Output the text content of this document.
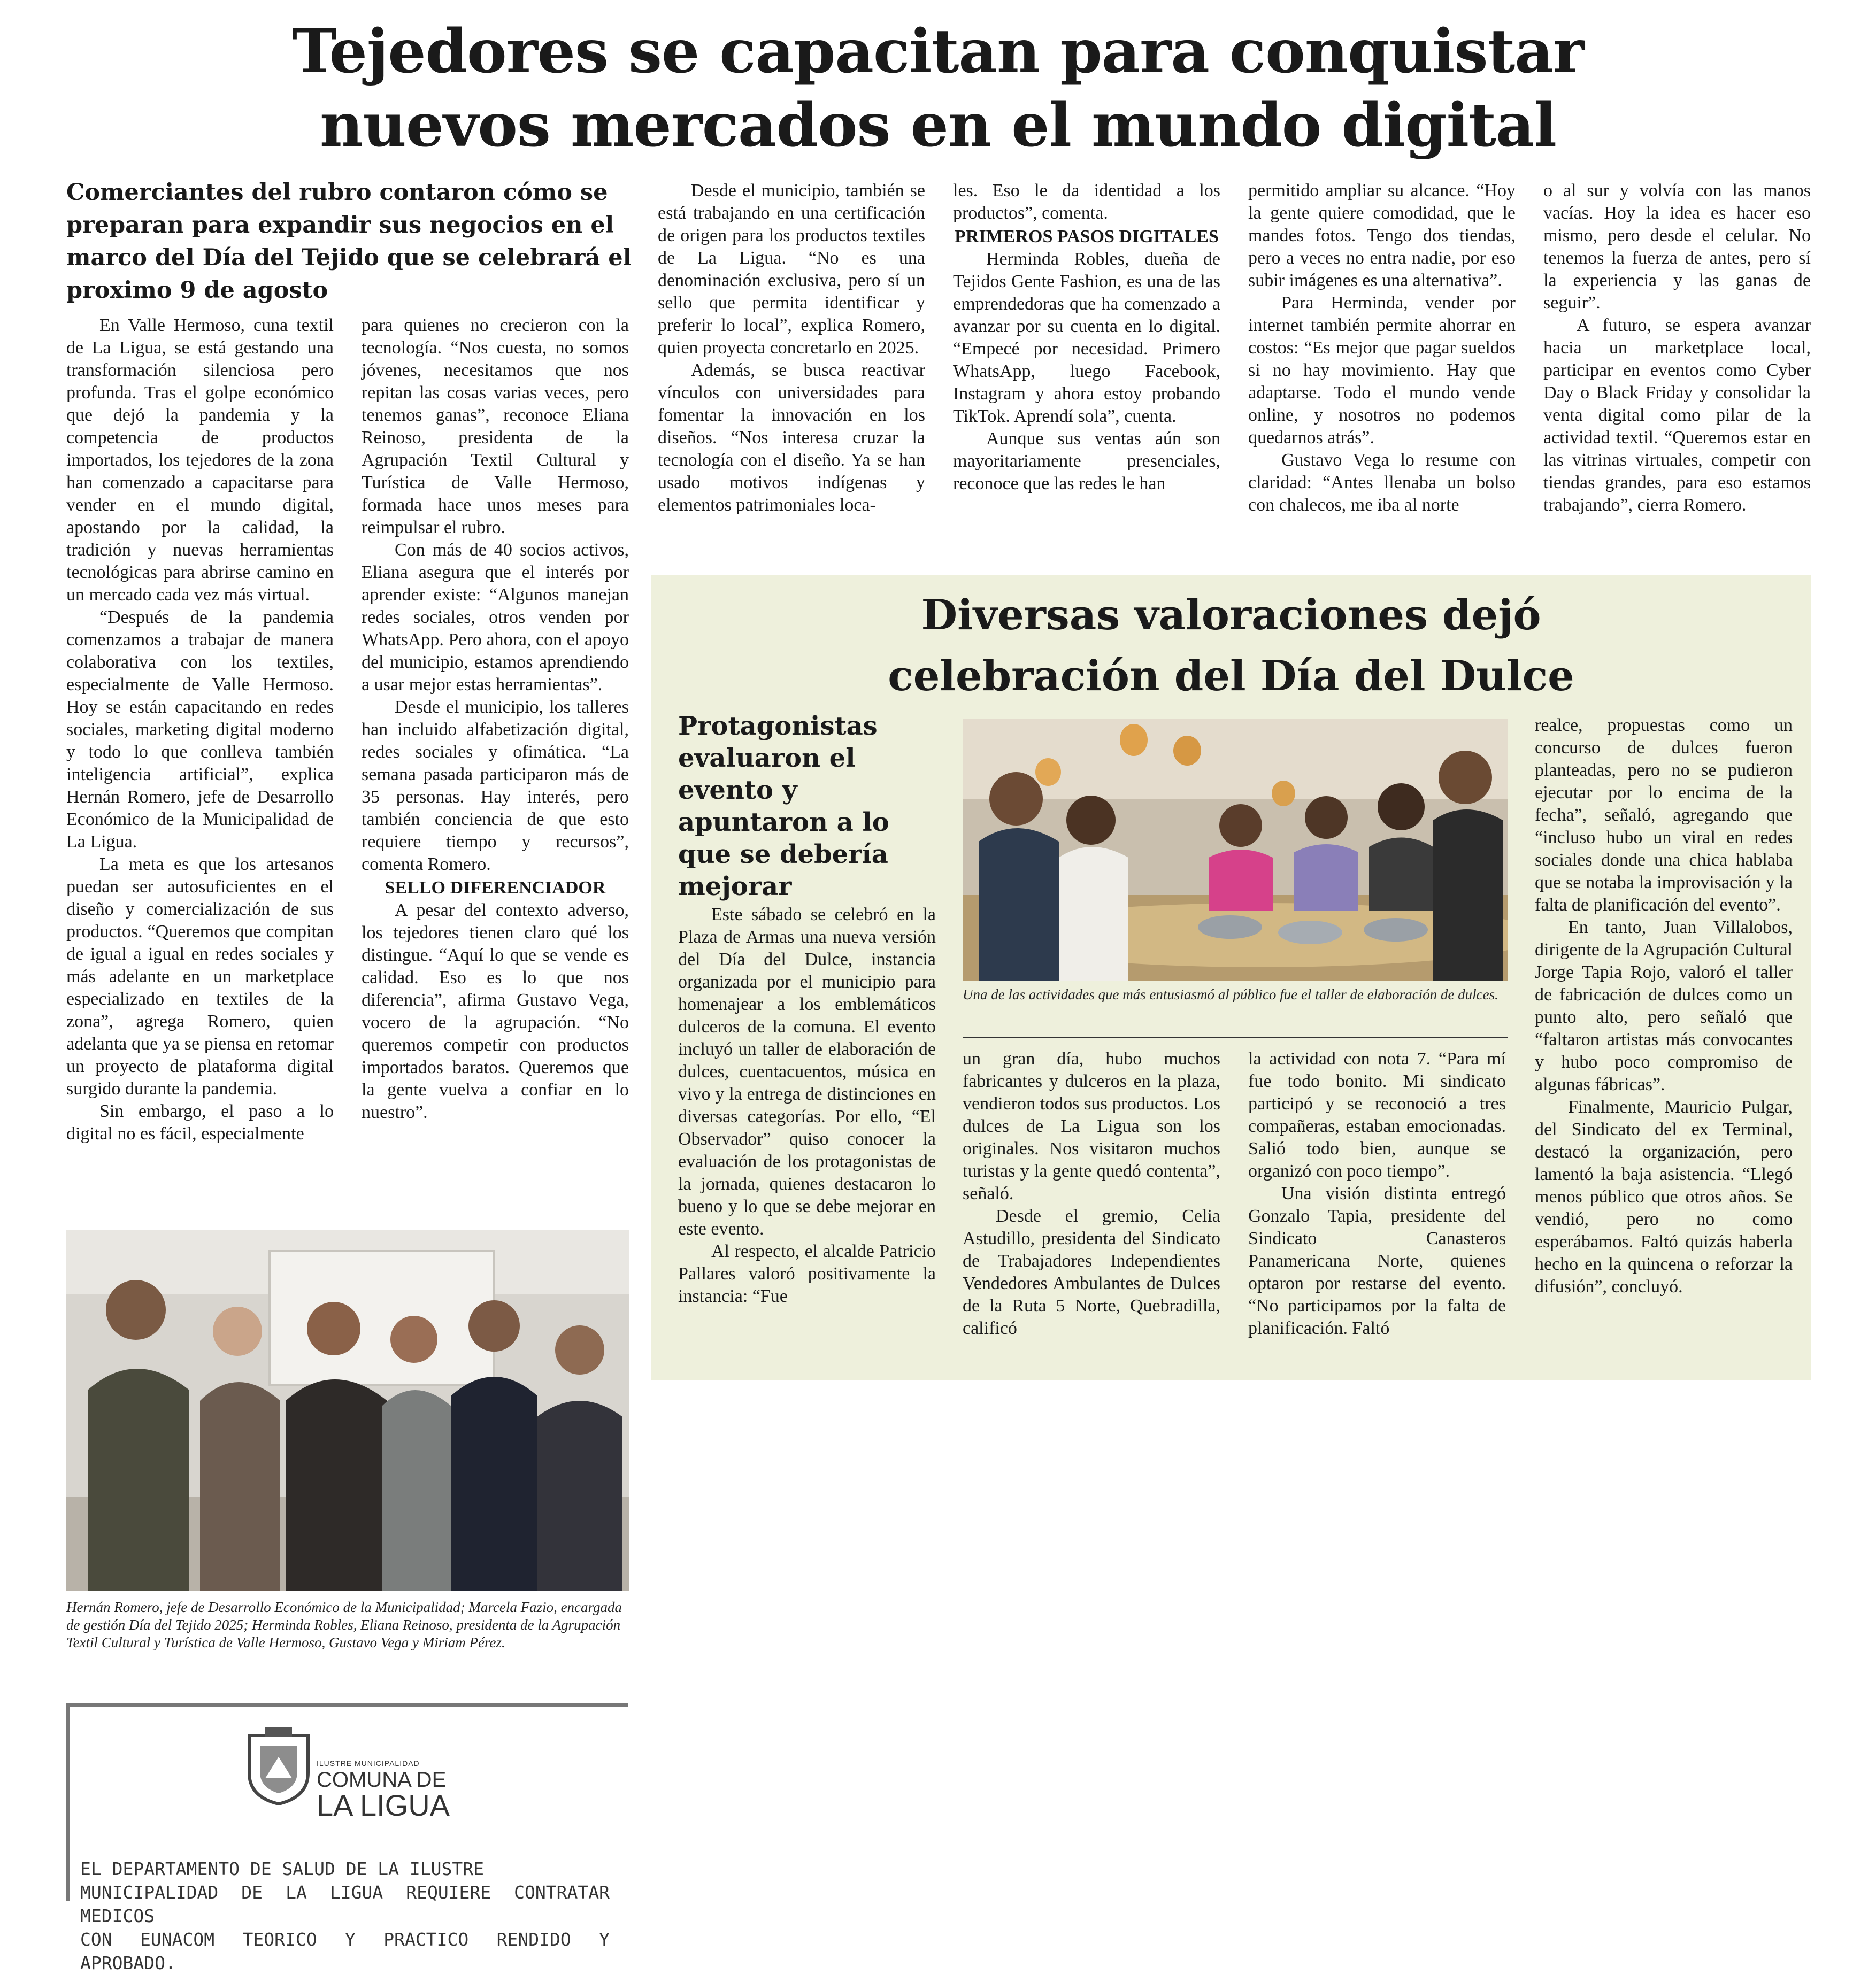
Tejedores se capacitan para conquistar
nuevos mercados en el mundo digital
Comerciantes del rubro contaron cómo se preparan para expandir sus negocios en el marco del Día del Tejido que se celebrará el proximo 9 de agosto

En Valle Hermoso, cuna textil de La Ligua, se está gestando una transformación silenciosa pero profunda. Tras el golpe económico que dejó la pandemia y la competencia de productos importados, los tejedores de la zona han comenzado a capacitarse para vender en el mundo digital, apostando por la calidad, la tradición y nuevas herramientas tecnológicas para abrirse camino en un mercado cada vez más virtual.

“Después de la pandemia comenzamos a trabajar de manera colaborativa con los textiles, especialmente de Valle Hermoso. Hoy se están capacitando en redes sociales, marketing digital moderno y todo lo que conlleva también inteligencia artificial”, explica Hernán Romero, jefe de Desarrollo Económico de la Municipalidad de La Ligua.

La meta es que los artesanos puedan ser autosuficientes en el diseño y comercialización de sus productos. “Queremos que compitan de igual a igual en redes sociales y más adelante en un marketplace especializado en textiles de la zona”, agrega Romero, quien adelanta que ya se piensa en retomar un proyecto de plataforma digital surgido durante la pandemia.

Sin embargo, el paso a lo digital no es fácil, especialmente

para quienes no crecieron con la tecnología. “Nos cuesta, no somos jóvenes, necesitamos que nos repitan las cosas varias veces, pero tenemos ganas”, reconoce Eliana Reinoso, presidenta de la Agrupación Textil Cultural y Turística de Valle Hermoso, formada hace unos meses para reimpulsar el rubro.

Con más de 40 socios activos, Eliana asegura que el interés por aprender existe: “Algunos manejan redes sociales, otros venden por WhatsApp. Pero ahora, con el apoyo del municipio, estamos aprendiendo a usar mejor estas herramientas”.

Desde el municipio, los talleres han incluido alfabetización digital, redes sociales y ofimática. “La semana pasada participaron más de 35 personas. Hay interés, pero también conciencia de que esto requiere tiempo y recursos”, comenta Romero.

SELLO DIFERENCIADOR

A pesar del contexto adverso, los tejedores tienen claro qué los distingue. “Aquí lo que se vende es calidad. Eso es lo que nos diferencia”, afirma Gustavo Vega, vocero de la agrupación. “No queremos competir con productos importados baratos. Queremos que la gente vuelva a confiar en lo nuestro”.

Desde el municipio, también se está trabajando en una certificación de origen para los productos textiles de La Ligua. “No es una denominación exclusiva, pero sí un sello que permita identificar y preferir lo local”, explica Romero, quien proyecta concretarlo en 2025.

Además, se busca reactivar vínculos con universidades para fomentar la innovación en los diseños. “Nos interesa cruzar la tecnología con el diseño. Ya se han usado motivos indígenas y elementos patrimoniales loca-

les. Eso le da identidad a los productos”, comenta.

PRIMEROS PASOS DIGITALES

Herminda Robles, dueña de Tejidos Gente Fashion, es una de las emprendedoras que ha comenzado a avanzar por su cuenta en lo digital. “Empecé por necesidad. Primero WhatsApp, luego Facebook, Instagram y ahora estoy probando TikTok. Aprendí sola”, cuenta.

Aunque sus ventas aún son mayoritariamente presenciales, reconoce que las redes le han

permitido ampliar su alcance. “Hoy la gente quiere comodidad, que le mandes fotos. Tengo dos tiendas, pero a veces no entra nadie, por eso subir imágenes es una alternativa”.

Para Herminda, vender por internet también permite ahorrar en costos: “Es mejor que pagar sueldos si no hay movimiento. Hay que adaptarse. Todo el mundo vende online, y nosotros no podemos quedarnos atrás”.

Gustavo Vega lo resume con claridad: “Antes llenaba un bolso con chalecos, me iba al norte

o al sur y volvía con las manos vacías. Hoy la idea es hacer eso mismo, pero desde el celular. No tenemos la fuerza de antes, pero sí la experiencia y las ganas de seguir”.

A futuro, se espera avanzar hacia un marketplace local, participar en eventos como Cyber Day o Black Friday y consolidar la venta digital como pilar de la actividad textil. “Queremos estar en las vitrinas virtuales, competir con tiendas grandes, para eso estamos trabajando”, cierra Romero.

Hernán Romero, jefe de Desarrollo Económico de la Municipalidad; Marcela Fazio, encargada de gestión Día del Tejido 2025; Herminda Robles, Eliana Reinoso, presidenta de la Agrupación Textil Cultural y Turística de Valle Hermoso, Gustavo Vega y Miriam Pérez.
Diversas valoraciones dejó
celebración del Día del Dulce
Protagonistas evaluaron el evento y apuntaron a lo que se debería mejorar
Una de las actividades que más entusiasmó al público fue el taller de elaboración de dulces.

Este sábado se celebró en la Plaza de Armas una nueva versión del Día del Dulce, instancia organizada por el municipio para homenajear a los emblemáticos dulceros de la comuna. El evento incluyó un taller de elaboración de dulces, cuentacuentos, música en vivo y la entrega de distinciones en diversas categorías. Por ello, “El Observador” quiso conocer la evaluación de los protagonistas de la jornada, quienes destacaron lo bueno y lo que se debe mejorar en este evento.

Al respecto, el alcalde Patricio Pallares valoró positivamente la instancia: “Fue

un gran día, hubo muchos fabricantes y dulceros en la plaza, vendieron todos sus productos. Los dulces de La Ligua son los originales. Nos visitaron muchos turistas y la gente quedó contenta”, señaló.

Desde el gremio, Celia Astudillo, presidenta del Sindicato de Trabajadores Independientes Vendedores Ambulantes de Dulces de la Ruta 5 Norte, Quebradilla, calificó

la actividad con nota 7. “Para mí fue todo bonito. Mi sindicato participó y se reconoció a tres compañeras, estaban emocionadas. Salió todo bien, aunque se organizó con poco tiempo”.

Una visión distinta entregó Gonzalo Tapia, presidente del Sindicato Canasteros Panamericana Norte, quienes optaron por restarse del evento. “No participamos por la falta de planificación. Faltó

realce, propuestas como un concurso de dulces fueron planteadas, pero no se pudieron ejecutar por lo encima de la fecha”, señaló, agregando que “incluso hubo un viral en redes sociales donde una chica hablaba que se notaba la improvisación y la falta de planificación del evento”.

En tanto, Juan Villalobos, dirigente de la Agrupación Cultural Jorge Tapia Rojo, valoró el taller de fabricación de dulces como un punto alto, pero señaló que “faltaron artistas más convocantes y hubo poco compromiso de algunas fábricas”.

Finalmente, Mauricio Pulgar, del Sindicato del ex Terminal, destacó la organización, pero lamentó la baja asistencia. “Llegó menos público que otros años. Se vendió, pero no como esperábamos. Faltó quizás haberla hecho en la quincena o reforzar la difusión”, concluyó.

ILUSTRE MUNICIPALIDAD
COMUNA DE
LA LIGUA
EL DEPARTAMENTO DE SALUD DE LA ILUSTRE
MUNICIPALIDAD DE LA LIGUA REQUIERE CONTRATAR MEDICOS
CON EUNACOM TEORICO Y PRACTICO RENDIDO Y APROBADO.
